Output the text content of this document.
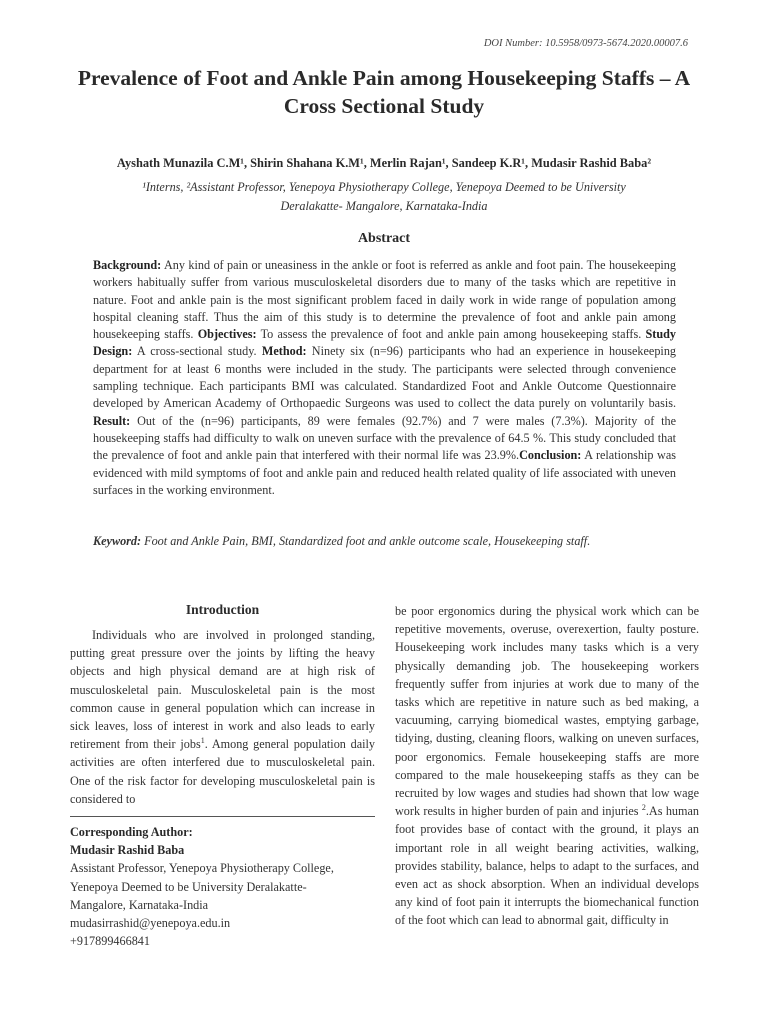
DOI Number: 10.5958/0973-5674.2020.00007.6
Prevalence of Foot and Ankle Pain among Housekeeping Staffs – A Cross Sectional Study
Ayshath Munazila C.M¹, Shirin Shahana K.M¹, Merlin Rajan¹, Sandeep K.R¹, Mudasir Rashid Baba²
¹Interns, ²Assistant Professor, Yenepoya Physiotherapy College, Yenepoya Deemed to be University
Deralakatte- Mangalore, Karnataka-India
Abstract
Background: Any kind of pain or uneasiness in the ankle or foot is referred as ankle and foot pain. The housekeeping workers habitually suffer from various musculoskeletal disorders due to many of the tasks which are repetitive in nature. Foot and ankle pain is the most significant problem faced in daily work in wide range of population among hospital cleaning staff. Thus the aim of this study is to determine the prevalence of foot and ankle pain among housekeeping staffs. Objectives: To assess the prevalence of foot and ankle pain among housekeeping staffs. Study Design: A cross-sectional study. Method: Ninety six (n=96) participants who had an experience in housekeeping department for at least 6 months were included in the study. The participants were selected through convenience sampling technique. Each participants BMI was calculated. Standardized Foot and Ankle Outcome Questionnaire developed by American Academy of Orthopaedic Surgeons was used to collect the data purely on voluntarily basis. Result: Out of the (n=96) participants, 89 were females (92.7%) and 7 were males (7.3%). Majority of the housekeeping staffs had difficulty to walk on uneven surface with the prevalence of 64.5 %. This study concluded that the prevalence of foot and ankle pain that interfered with their normal life was 23.9%.Conclusion: A relationship was evidenced with mild symptoms of foot and ankle pain and reduced health related quality of life associated with uneven surfaces in the working environment.
Keyword: Foot and Ankle Pain, BMI, Standardized foot and ankle outcome scale, Housekeeping staff.
Introduction
Individuals who are involved in prolonged standing, putting great pressure over the joints by lifting the heavy objects and high physical demand are at high risk of musculoskeletal pain. Musculoskeletal pain is the most common cause in general population which can increase in sick leaves, loss of interest in work and also leads to early retirement from their jobs$^1$. Among general population daily activities are often interfered due to musculoskeletal pain. One of the risk factor for developing musculoskeletal pain is considered to
Corresponding Author:
Mudasir Rashid Baba
Assistant Professor, Yenepoya Physiotherapy College,
Yenepoya Deemed to be University Deralakatte-
Mangalore, Karnataka-India
mudasirrashid@yenepoya.edu.in
+917899466841
be poor ergonomics during the physical work which can be repetitive movements, overuse, overexertion, faulty posture. Housekeeping work includes many tasks which is a very physically demanding job. The housekeeping workers frequently suffer from injuries at work due to many of the tasks which are repetitive in nature such as bed making, a vacuuming, carrying biomedical wastes, emptying garbage, tidying, dusting, cleaning floors, walking on uneven surfaces, poor ergonomics. Female housekeeping staffs are more compared to the male housekeeping staffs as they can be recruited by low wages and studies had shown that low wage work results in higher burden of pain and injuries $^2$.As human foot provides base of contact with the ground, it plays an important role in all weight bearing activities, walking, provides stability, balance, helps to adapt to the surfaces, and even act as shock absorption. When an individual develops any kind of foot pain it interrupts the biomechanical function of the foot which can lead to abnormal gait, difficulty in
